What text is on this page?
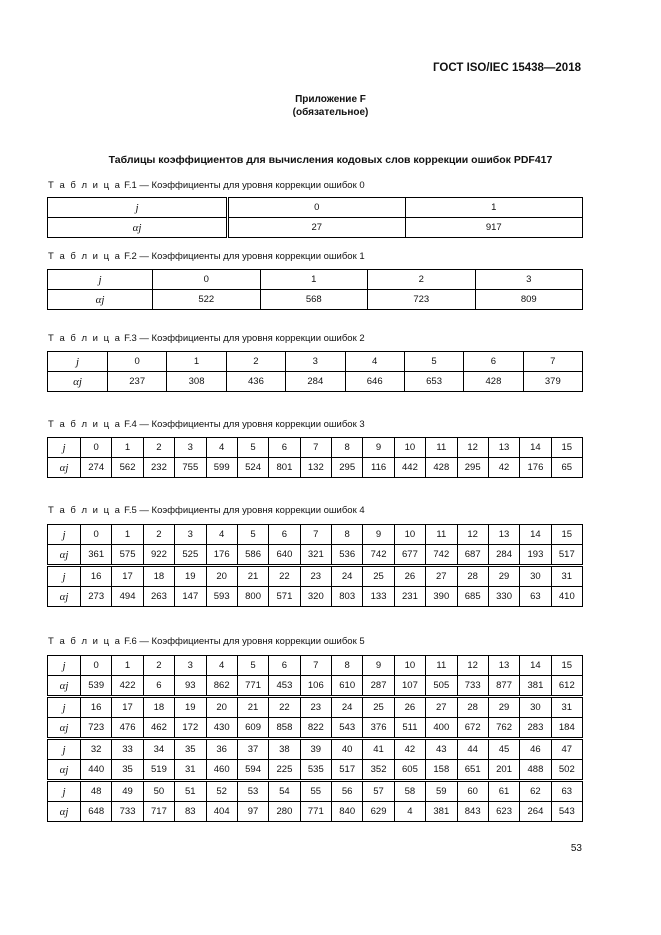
ГОСТ ISO/IEC 15438—2018
Приложение F
(обязательное)
Таблицы коэффициентов для вычисления кодовых слов коррекции ошибок PDF417
Т а б л и ц а F.1 — Коэффициенты для уровня коррекции ошибок 0
j	0	1
αj	27	917
Т а б л и ц а F.2 — Коэффициенты для уровня коррекции ошибок 1
j	0	1	2	3
αj	522	568	723	809
Т а б л и ц а F.3 — Коэффициенты для уровня коррекции ошибок 2
j	0	1	2	3	4	5	6	7
αj	237	308	436	284	646	653	428	379
Т а б л и ц а F.4 — Коэффициенты для уровня коррекции ошибок 3
j	0	1	2	3	4	5	6	7	8	9	10	11	12	13	14	15
αj	274	562	232	755	599	524	801	132	295	116	442	428	295	42	176	65
Т а б л и ц а F.5 — Коэффициенты для уровня коррекции ошибок 4
j	0	1	2	3	4	5	6	7	8	9	10	11	12	13	14	15
αj	361	575	922	525	176	586	640	321	536	742	677	742	687	284	193	517
j	16	17	18	19	20	21	22	23	24	25	26	27	28	29	30	31
αj	273	494	263	147	593	800	571	320	803	133	231	390	685	330	63	410
Т а б л и ц а F.6 — Коэффициенты для уровня коррекции ошибок 5
j	0	1	2	3	4	5	6	7	8	9	10	11	12	13	14	15
αj	539	422	6	93	862	771	453	106	610	287	107	505	733	877	381	612
j	16	17	18	19	20	21	22	23	24	25	26	27	28	29	30	31
αj	723	476	462	172	430	609	858	822	543	376	511	400	672	762	283	184
j	32	33	34	35	36	37	38	39	40	41	42	43	44	45	46	47
αj	440	35	519	31	460	594	225	535	517	352	605	158	651	201	488	502
j	48	49	50	51	52	53	54	55	56	57	58	59	60	61	62	63
αj	648	733	717	83	404	97	280	771	840	629	4	381	843	623	264	543
53
